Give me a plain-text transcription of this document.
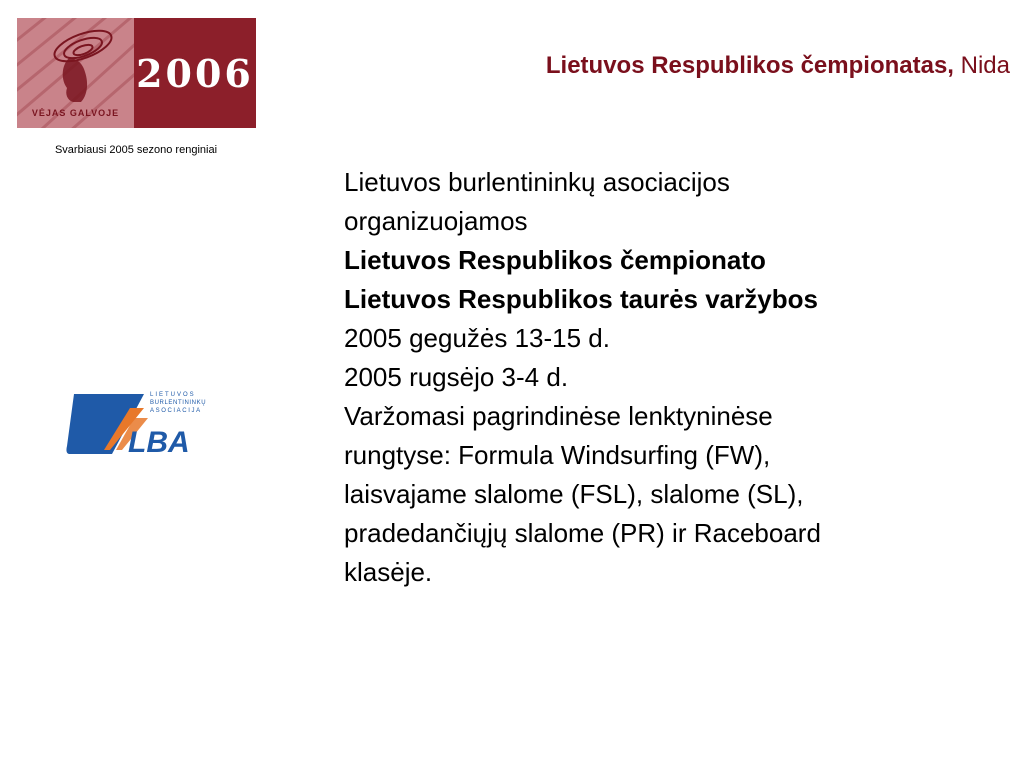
VĖJAS GALVOJE
2006
Svarbiausi 2005 sezono renginiai
Lietuvos Respublikos čempionatas, Nida
Lietuvos burlentininkų asociacijos
organizuojamos
Lietuvos Respublikos čempionato
Lietuvos Respublikos taurės varžybos
2005 gegužės 13-15 d.
2005 rugsėjo 3-4 d.
Varžomasi pagrindinėse lenktyninėse
rungtyse: Formula Windsurfing (FW),
laisvajame slalome (FSL), slalome (SL),
pradedančiųjų slalome (PR) ir Raceboard
klasėje.
LIETUVOS
BURLENTININKŲ
ASOCIACIJA
LBA
